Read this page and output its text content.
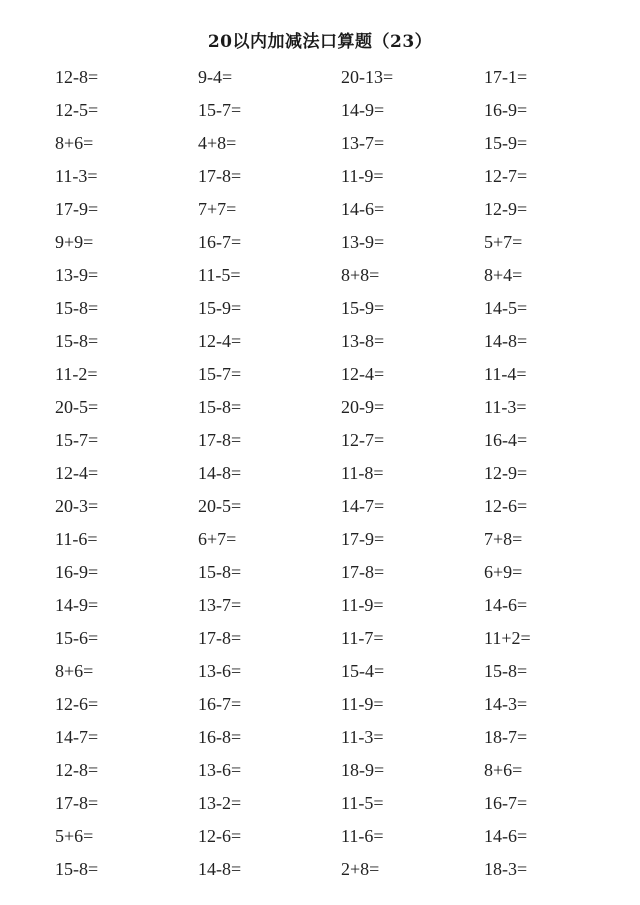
20以内加减法口算题（23）
12-8=	9-4=	20-13=	17-1=
12-5=	15-7=	14-9=	16-9=
8+6=	4+8=	13-7=	15-9=
11-3=	17-8=	11-9=	12-7=
17-9=	7+7=	14-6=	12-9=
9+9=	16-7=	13-9=	5+7=
13-9=	11-5=	8+8=	8+4=
15-8=	15-9=	15-9=	14-5=
15-8=	12-4=	13-8=	14-8=
11-2=	15-7=	12-4=	11-4=
20-5=	15-8=	20-9=	11-3=
15-7=	17-8=	12-7=	16-4=
12-4=	14-8=	11-8=	12-9=
20-3=	20-5=	14-7=	12-6=
11-6=	6+7=	17-9=	7+8=
16-9=	15-8=	17-8=	6+9=
14-9=	13-7=	11-9=	14-6=
15-6=	17-8=	11-7=	11+2=
8+6=	13-6=	15-4=	15-8=
12-6=	16-7=	11-9=	14-3=
14-7=	16-8=	11-3=	18-7=
12-8=	13-6=	18-9=	8+6=
17-8=	13-2=	11-5=	16-7=
5+6=	12-6=	11-6=	14-6=
15-8=	14-8=	2+8=	18-3=
